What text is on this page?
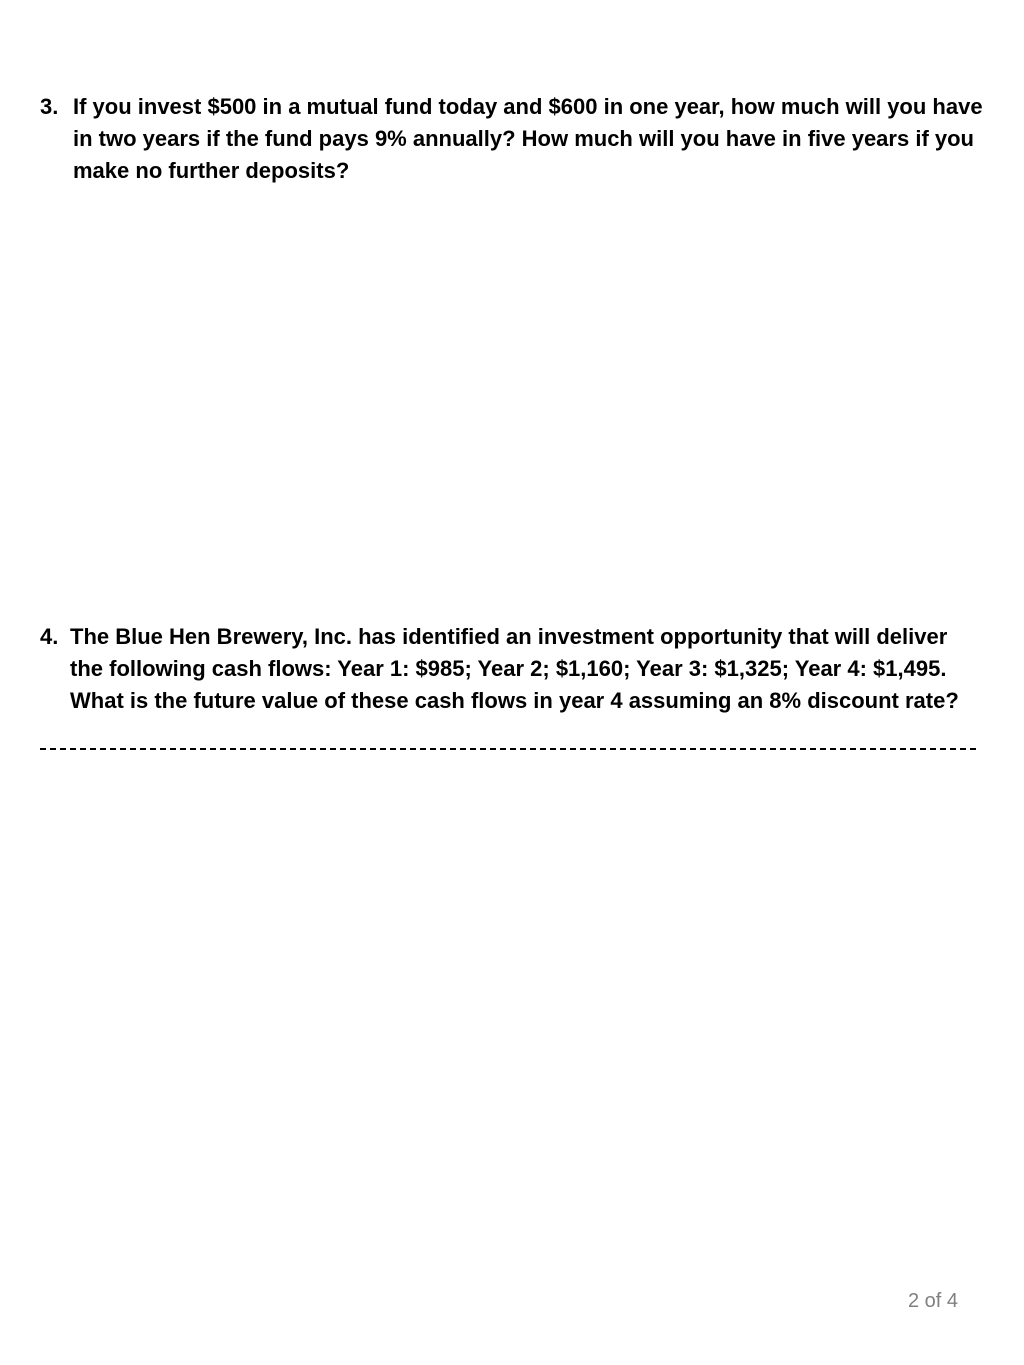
3. If you invest $500 in a mutual fund today and $600 in one year, how much will you have in two years if the fund pays 9% annually? How much will you have in five years if you make no further deposits?
4. The Blue Hen Brewery, Inc. has identified an investment opportunity that will deliver the following cash flows: Year 1: $985; Year 2; $1,160; Year 3: $1,325; Year 4: $1,495. What is the future value of these cash flows in year 4 assuming an 8% discount rate?
2 of 4
